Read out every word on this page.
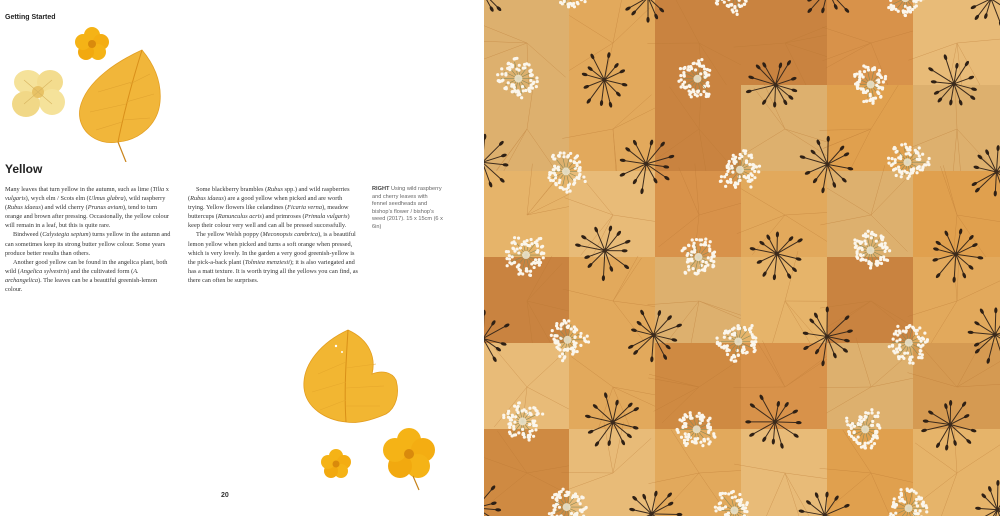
Getting Started
Yellow

Many leaves that turn yellow in the autumn, such as lime (Tilia x vulgaris), wych elm / Scots elm (Ulmus glabra), wild raspberry (Rubus idaeus) and wild cherry (Prunus avium), tend to turn orange and brown after pressing. Occasionally, the yellow colour will remain in a leaf, but this is quite rare.

Bindweed (Calystegia sepium) turns yellow in the autumn and can sometimes keep its strong butter yellow colour. Some years produce better results than others.

Another good yellow can be found in the angelica plant, both wild (Angelica sylvestris) and the cultivated form (A. archangelica). The leaves can be a beautiful greenish-lemon colour.

Some blackberry brambles (Rubus spp.) and wild raspberries (Rubus idaeus) are a good yellow when picked and are worth trying. Yellow flowers like celandines (Ficaria verna), meadow buttercups (Ranunculus acris) and primroses (Primula vulgaris) keep their colour very well and can all be pressed successfully.

The yellow Welsh poppy (Meconopsis cambrica), is a beautiful lemon yellow when picked and turns a soft orange when pressed, which is very lovely. In the garden a very good greenish-yellow is the pick-a-back plant (Tolmiea menziesii); it is also variegated and has a matt texture. It is worth trying all the yellows you can find, as there can often be surprises.

RIGHT Using wild raspberry and cherry leaves with fennel seedheads and bishop’s flower / bishop’s weed (2017). 15 x 15cm (6 x 6in)
20
